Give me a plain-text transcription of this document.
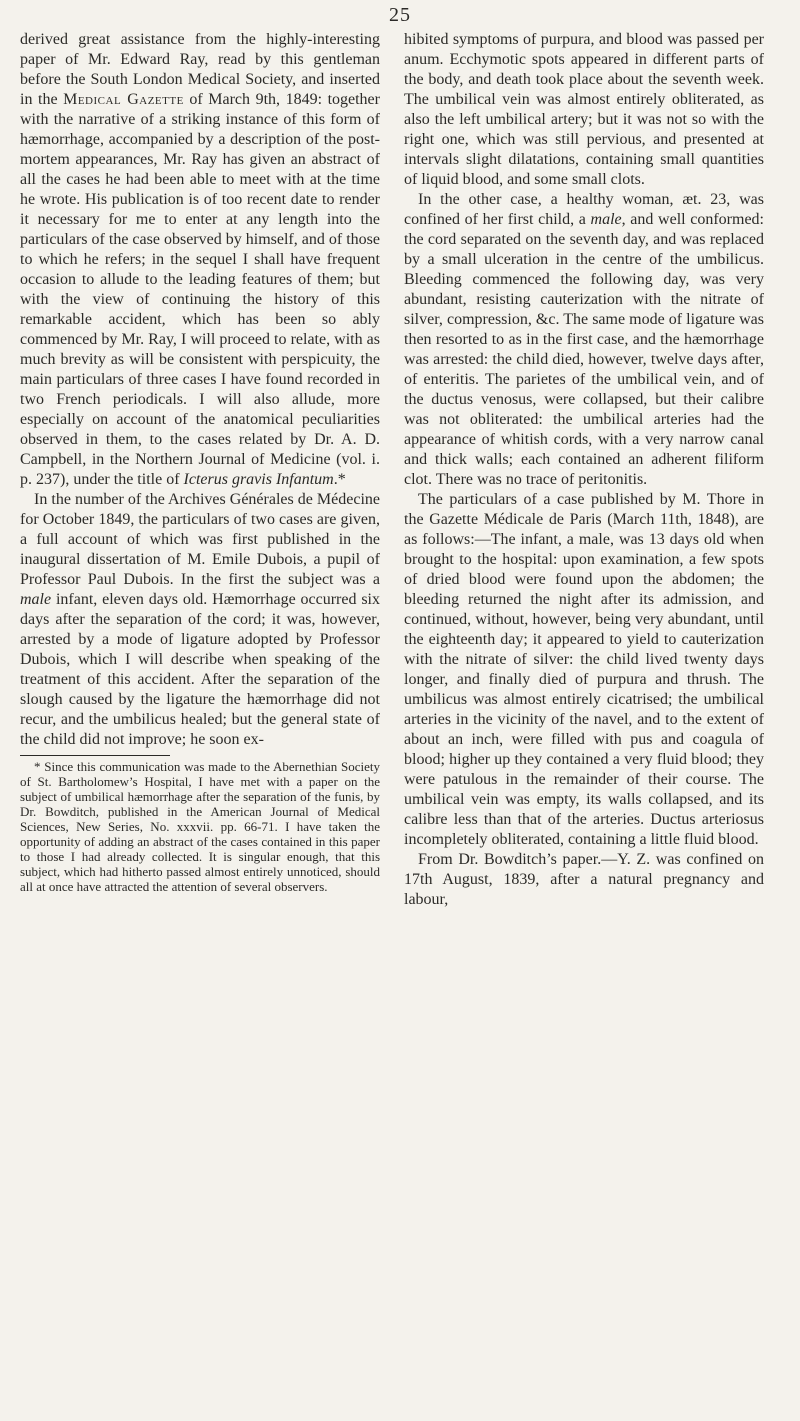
25

derived great assistance from the highly-interesting paper of Mr. Edward Ray, read by this gentleman before the South London Medical Society, and inserted in the Medical Gazette of March 9th, 1849: together with the narrative of a striking instance of this form of hæmorrhage, accompanied by a description of the post-mortem appearances, Mr. Ray has given an abstract of all the cases he had been able to meet with at the time he wrote. His publication is of too recent date to render it necessary for me to enter at any length into the particulars of the case observed by himself, and of those to which he refers; in the sequel I shall have frequent occasion to allude to the leading features of them; but with the view of continuing the history of this remarkable accident, which has been so ably commenced by Mr. Ray, I will proceed to relate, with as much brevity as will be consistent with perspicuity, the main particulars of three cases I have found recorded in two French periodicals. I will also allude, more especially on account of the anatomical peculiarities observed in them, to the cases related by Dr. A. D. Campbell, in the Northern Journal of Medicine (vol. i. p. 237), under the title of Icterus gravis Infantum.*

In the number of the Archives Générales de Médecine for October 1849, the particulars of two cases are given, a full account of which was first published in the inaugural dissertation of M. Emile Dubois, a pupil of Professor Paul Dubois. In the first the subject was a male infant, eleven days old. Hæmorrhage occurred six days after the separation of the cord; it was, however, arrested by a mode of ligature adopted by Professor Dubois, which I will describe when speaking of the treatment of this accident. After the separation of the slough caused by the ligature the hæmorrhage did not recur, and the umbilicus healed; but the general state of the child did not improve; he soon ex-

* Since this communication was made to the Abernethian Society of St. Bartholomew’s Hospital, I have met with a paper on the subject of umbilical hæmorrhage after the separation of the funis, by Dr. Bowditch, published in the American Journal of Medical Sciences, New Series, No. xxxvii. pp. 66-71. I have taken the opportunity of adding an abstract of the cases contained in this paper to those I had already collected. It is singular enough, that this subject, which had hitherto passed almost entirely unnoticed, should all at once have attracted the attention of several observers.

hibited symptoms of purpura, and blood was passed per anum. Ecchymotic spots appeared in different parts of the body, and death took place about the seventh week. The umbilical vein was almost entirely obliterated, as also the left umbilical artery; but it was not so with the right one, which was still pervious, and presented at intervals slight dilatations, containing small quantities of liquid blood, and some small clots.

In the other case, a healthy woman, æt. 23, was confined of her first child, a male, and well conformed: the cord separated on the seventh day, and was replaced by a small ulceration in the centre of the umbilicus. Bleeding commenced the following day, was very abundant, resisting cauterization with the nitrate of silver, compression, &c. The same mode of ligature was then resorted to as in the first case, and the hæmorrhage was arrested: the child died, however, twelve days after, of enteritis. The parietes of the umbilical vein, and of the ductus venosus, were collapsed, but their calibre was not obliterated: the umbilical arteries had the appearance of whitish cords, with a very narrow canal and thick walls; each contained an adherent filiform clot. There was no trace of peritonitis.

The particulars of a case published by M. Thore in the Gazette Médicale de Paris (March 11th, 1848), are as follows:—The infant, a male, was 13 days old when brought to the hospital: upon examination, a few spots of dried blood were found upon the abdomen; the bleeding returned the night after its admission, and continued, without, however, being very abundant, until the eighteenth day; it appeared to yield to cauterization with the nitrate of silver: the child lived twenty days longer, and finally died of purpura and thrush. The umbilicus was almost entirely cicatrised; the umbilical arteries in the vicinity of the navel, and to the extent of about an inch, were filled with pus and coagula of blood; higher up they contained a very fluid blood; they were patulous in the remainder of their course. The umbilical vein was empty, its walls collapsed, and its calibre less than that of the arteries. Ductus arteriosus incompletely obliterated, containing a little fluid blood.

From Dr. Bowditch’s paper.—Y. Z. was confined on 17th August, 1839, after a natural pregnancy and labour,
